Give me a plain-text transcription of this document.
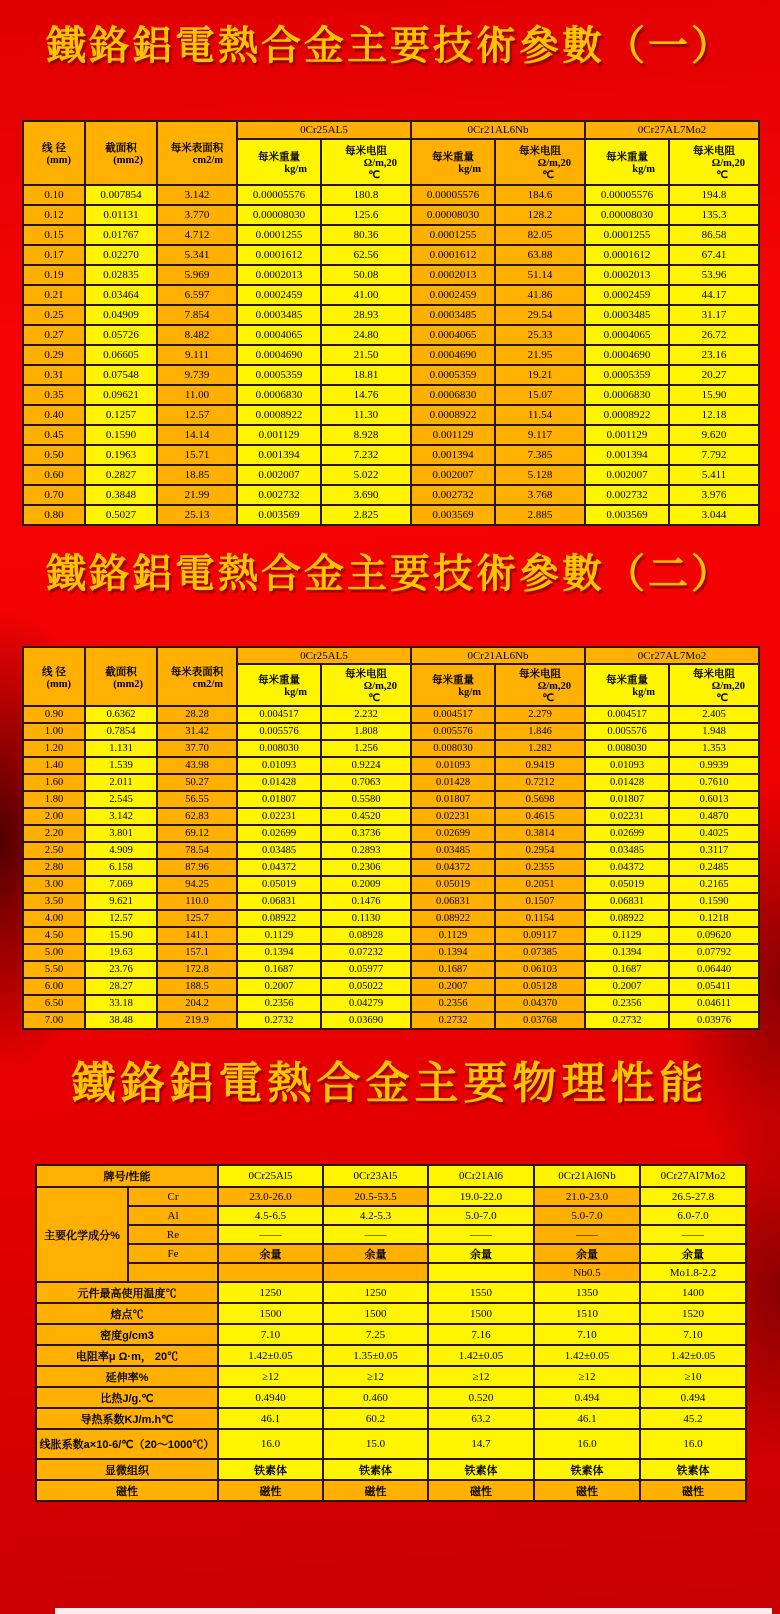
鐵鉻鋁電熱合金主要技術參數（一）
线 径
(mm)	截面积
(mm2)	每米表面积
cm2/m	0Cr25AL5		0Cr21AL6Nb		0Cr27AL7Mo2	

			每米重量
kg/m	每米电阻
Ω/m,20
℃	每米重量
kg/m	每米电阻
Ω/m,20
℃	每米重量
kg/m	每米电阻
Ω/m,20
℃

0.10	0.007854	3.142	0.00005576	180.8	0.00005576	184.6	0.00005576	194.8
0.12	0.01131	3.770	0.00008030	125.6	0.00008030	128.2	0.00008030	135.3
0.15	0.01767	4.712	0.0001255	80.36	0.0001255	82.05	0.0001255	86.58
0.17	0.02270	5.341	0.0001612	62.56	0.0001612	63.88	0.0001612	67.41
0.19	0.02835	5.969	0.0002013	50.08	0.0002013	51.14	0.0002013	53.96
0.21	0.03464	6.597	0.0002459	41.00	0.0002459	41.86	0.0002459	44.17
0.25	0.04909	7.854	0.0003485	28.93	0.0003485	29.54	0.0003485	31.17
0.27	0.05726	8.482	0.0004065	24.80	0.0004065	25.33	0.0004065	26.72
0.29	0.06605	9.111	0.0004690	21.50	0.0004690	21.95	0.0004690	23.16
0.31	0.07548	9.739	0.0005359	18.81	0.0005359	19.21	0.0005359	20.27
0.35	0.09621	11.00	0.0006830	14.76	0.0006830	15.07	0.0006830	15.90
0.40	0.1257	12.57	0.0008922	11.30	0.0008922	11.54	0.0008922	12.18
0.45	0.1590	14.14	0.001129	8.928	0.001129	9.117	0.001129	9.620
0.50	0.1963	15.71	0.001394	7.232	0.001394	7.385	0.001394	7.792
0.60	0.2827	18.85	0.002007	5.022	0.002007	5.128	0.002007	5.411
0.70	0.3848	21.99	0.002732	3.690	0.002732	3.768	0.002732	3.976
0.80	0.5027	25.13	0.003569	2.825	0.003569	2.885	0.003569	3.044
鐵鉻鋁電熱合金主要技術參數（二）
线 径
(mm)	截面积
(mm2)	每米表面积
cm2/m	0Cr25AL5		0Cr21AL6Nb		0Cr27AL7Mo2	

			每米重量
kg/m	每米电阻
Ω/m,20
℃	每米重量
kg/m	每米电阻
Ω/m,20
℃	每米重量
kg/m	每米电阻
Ω/m,20
℃

0.90	0.6362	28.28	0.004517	2.232	0.004517	2.279	0.004517	2.405
1.00	0.7854	31.42	0.005576	1.808	0.005576	1.846	0.005576	1.948
1.20	1.131	37.70	0.008030	1.256	0.008030	1.282	0.008030	1.353
1.40	1.539	43.98	0.01093	0.9224	0.01093	0.9419	0.01093	0.9939
1.60	2.011	50.27	0.01428	0.7063	0.01428	0.7212	0.01428	0.7610
1.80	2.545	56.55	0.01807	0.5580	0.01807	0.5698	0.01807	0.6013
2.00	3.142	62.83	0.02231	0.4520	0.02231	0.4615	0.02231	0.4870
2.20	3.801	69.12	0.02699	0.3736	0.02699	0.3814	0.02699	0.4025
2.50	4.909	78.54	0.03485	0.2893	0.03485	0.2954	0.03485	0.3117
2.80	6.158	87.96	0.04372	0.2306	0.04372	0.2355	0.04372	0.2485
3.00	7.069	94.25	0.05019	0.2009	0.05019	0.2051	0.05019	0.2165
3.50	9.621	110.0	0.06831	0.1476	0.06831	0.1507	0.06831	0.1590
4.00	12.57	125.7	0.08922	0.1130	0.08922	0.1154	0.08922	0.1218
4.50	15.90	141.1	0.1129	0.08928	0.1129	0.09117	0.1129	0.09620
5.00	19.63	157.1	0.1394	0.07232	0.1394	0.07385	0.1394	0.07792
5.50	23.76	172.8	0.1687	0.05977	0.1687	0.06103	0.1687	0.06440
6.00	28.27	188.5	0.2007	0.05022	0.2007	0.05128	0.2007	0.05411
6.50	33.18	204.2	0.2356	0.04279	0.2356	0.04370	0.2356	0.04611
7.00	38.48	219.9	0.2732	0.03690	0.2732	0.03768	0.2732	0.03976
鐵鉻鋁電熱合金主要物理性能
牌号/性能		0Cr25Al5	0Cr23Al5	0Cr21Al6	0Cr21Al6Nb	0Cr27Al7Mo2
主要化学成分%	Cr	23.0-26.0	20.5-53.5	19.0-22.0	21.0-23.0	26.5-27.8
	Al	4.5-6.5	4.2-5.3	5.0-7.0	5.0-7.0	6.0-7.0
	Re	——	——	——	——	——
	Fe	余量	余量	余量	余量	余量
					Nb0.5	Mo1.8-2.2
元件最高使用温度℃		1250	1250	1550	1350	1400
熔点℃		1500	1500	1500	1510	1520
密度g/cm3		7.10	7.25	7.16	7.10	7.10
电阻率μ Ω·m， 20℃		1.42±0.05	1.35±0.05	1.42±0.05	1.42±0.05	1.42±0.05
延伸率%		≥12	≥12	≥12	≥12	≥10
比热J/g.℃		0.4940	0.460	0.520	0.494	0.494
导热系数KJ/m.h℃		46.1	60.2	63.2	46.1	45.2
线胀系数a×10-6/℃（20～1000℃）		16.0	15.0	14.7	16.0	16.0
显微组织		铁素体	铁素体	铁素体	铁素体	铁素体
磁性		磁性	磁性	磁性	磁性	磁性
